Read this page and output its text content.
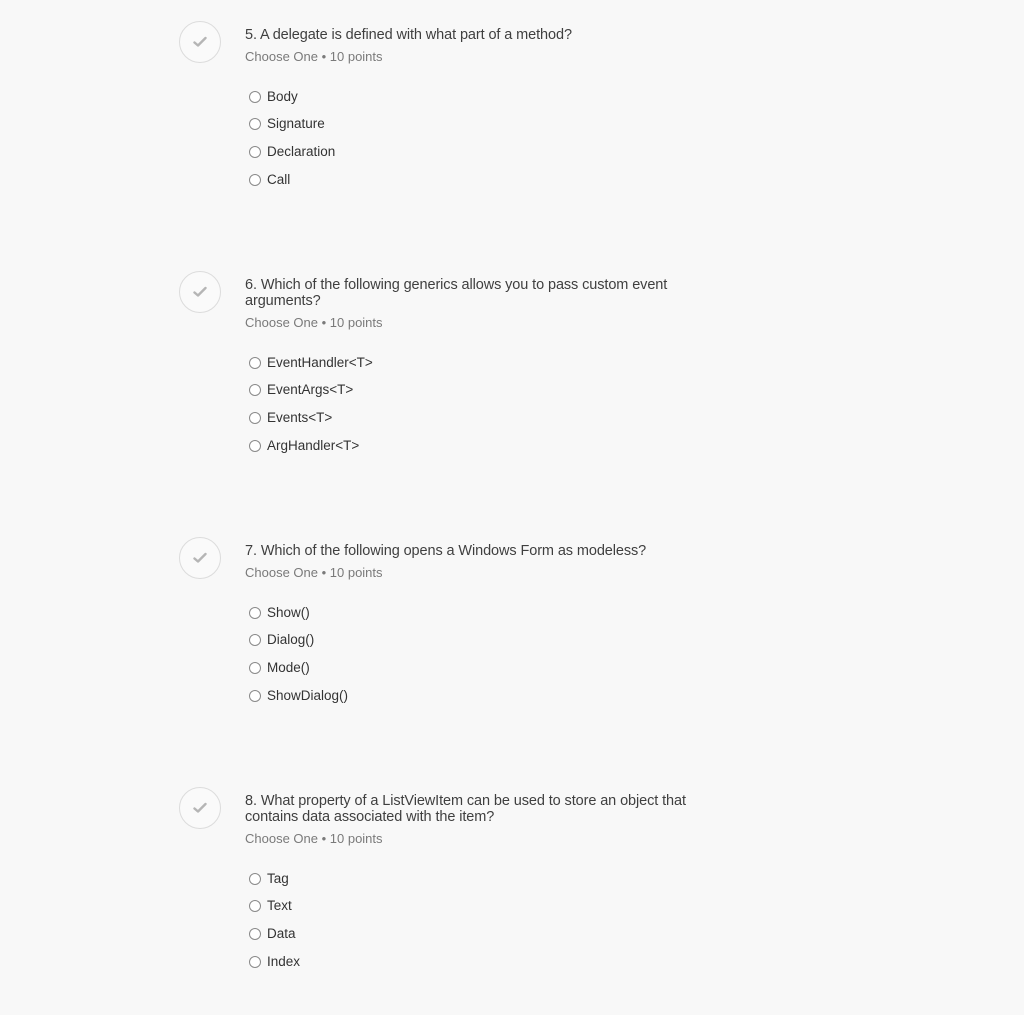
5. A delegate is defined with what part of a method?

Choose One • 10 points
Body
Signature
Declaration
Call

6. Which of the following generics allows you to pass custom event arguments?

Choose One • 10 points
EventHandler<T>
EventArgs<T>
Events<T>
ArgHandler<T>

7. Which of the following opens a Windows Form as modeless?

Choose One • 10 points
Show()
Dialog()
Mode()
ShowDialog()

8. What property of a ListViewItem can be used to store an object that contains data associated with the item?

Choose One • 10 points
Tag
Text
Data
Index
